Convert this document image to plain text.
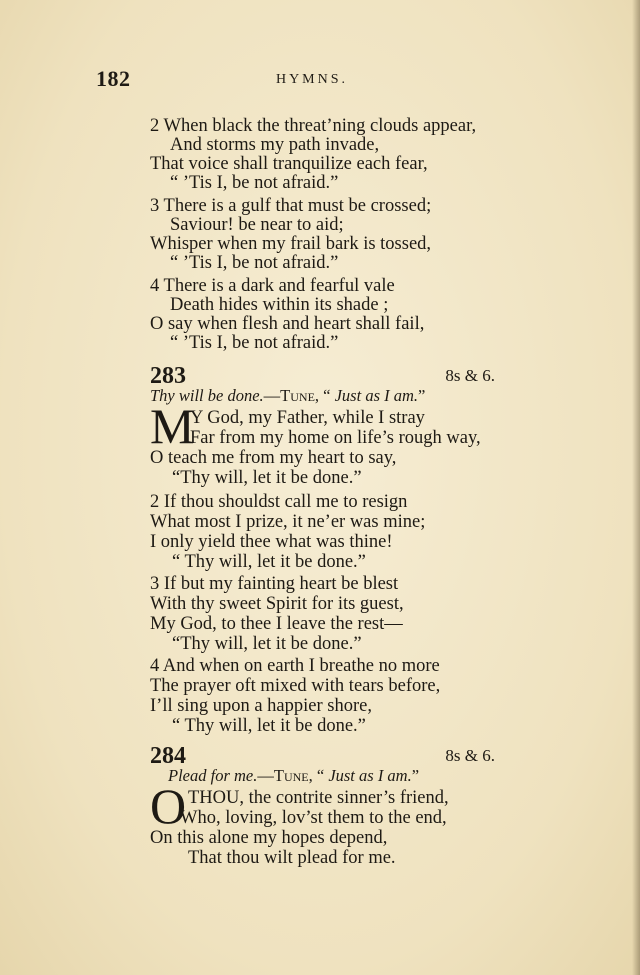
182	HYMNS.
2 When black the threat’ning clouds appear,
And storms my path invade,
That voice shall tranquilize each fear,
“ ’Tis I, be not afraid.”
3 There is a gulf that must be crossed;
Saviour! be near to aid;
Whisper when my frail bark is tossed,
“ ’Tis I, be not afraid.”
4 There is a dark and fearful vale
Death hides within its shade ;
O say when flesh and heart shall fail,
“ ’Tis I, be not afraid.”
283	8s & 6.
Thy will be done.—Tune, “ Just as I am.”
M
Y God, my Father, while I stray
Far from my home on life’s rough way,
O teach me from my heart to say,
“Thy will, let it be done.”
2 If thou shouldst call me to resign
What most I prize, it ne’er was mine;
I only yield thee what was thine!
“ Thy will, let it be done.”
3 If but my fainting heart be blest
With thy sweet Spirit for its guest,
My God, to thee I leave the rest—
“Thy will, let it be done.”
4 And when on earth I breathe no more
The prayer oft mixed with tears before,
I’ll sing upon a happier shore,
“ Thy will, let it be done.”
284	8s & 6.
Plead for me.—Tune, “ Just as I am.”
O THOU, the contrite sinner’s friend,
Who, loving, lov’st them to the end,
On this alone my hopes depend,
That thou wilt plead for me.
